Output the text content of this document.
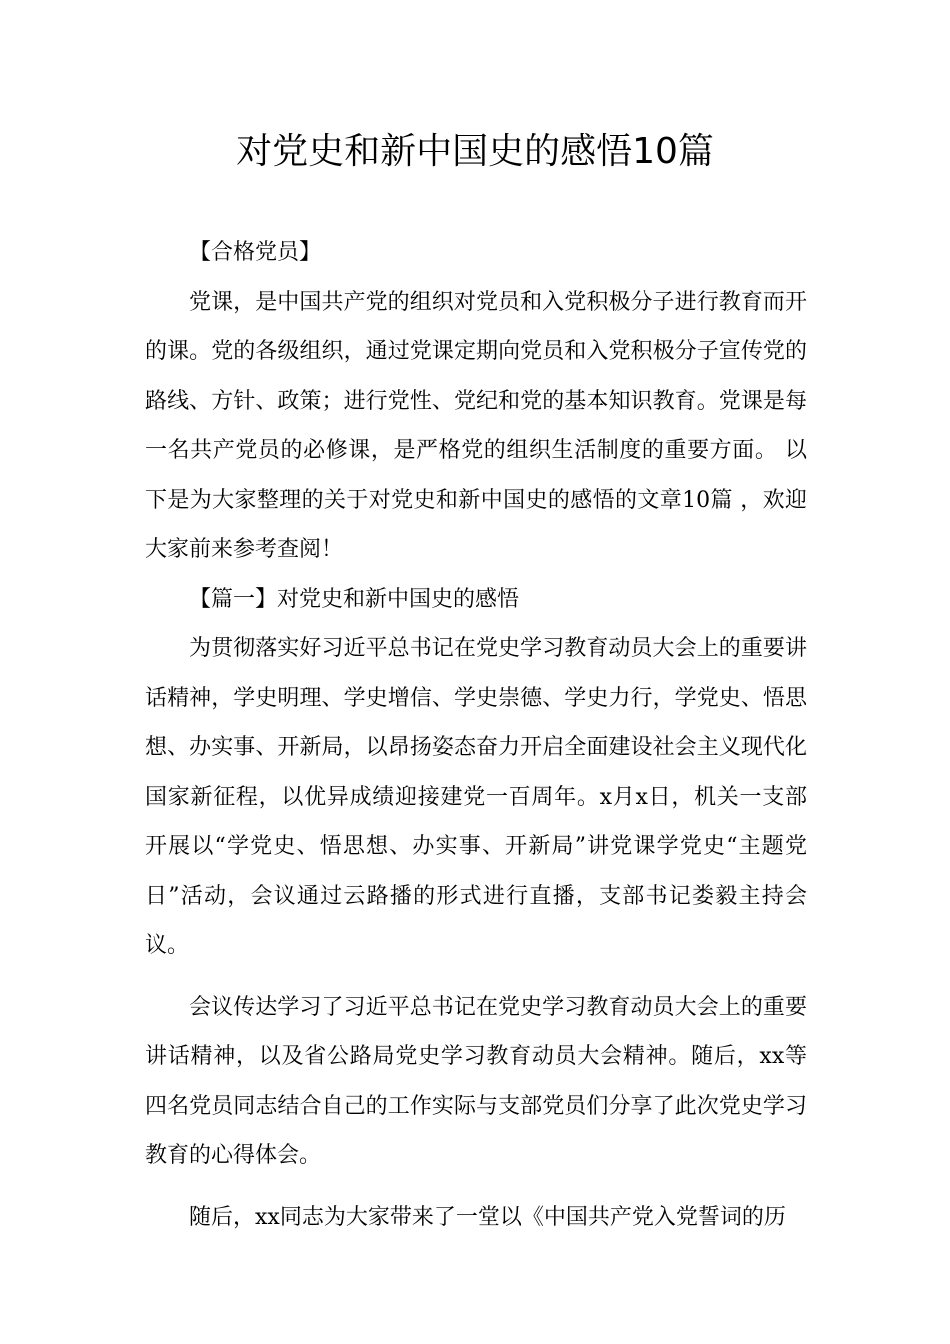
对党史和新中国史的感悟10篇

【合格党员】

党课，是中国共产党的组织对党员和入党积极分子进行教育而开的课。党的各级组织，通过党课定期向党员和入党积极分子宣传党的路线、方针、政策；进行党性、党纪和党的基本知识教育。党课是每一名共产党员的必修课，是严格党的组织生活制度的重要方面。 以下是为大家整理的关于对党史和新中国史的感悟的文章10篇 ，欢迎大家前来参考查阅！

【篇一】对党史和新中国史的感悟

为贯彻落实好习近平总书记在党史学习教育动员大会上的重要讲话精神，学史明理、学史增信、学史崇德、学史力行，学党史、悟思想、办实事、开新局，以昂扬姿态奋力开启全面建设社会主义现代化国家新征程，以优异成绩迎接建党一百周年。x月x日，机关一支部开展以“学党史、悟思想、办实事、开新局”讲党课学党史“主题党日”活动，会议通过云路播的形式进行直播，支部书记娄毅主持会议。

会议传达学习了习近平总书记在党史学习教育动员大会上的重要讲话精神，以及省公路局党史学习教育动员大会精神。随后，xx等四名党员同志结合自己的工作实际与支部党员们分享了此次党史学习教育的心得体会。

随后，xx同志为大家带来了一堂以《中国共产党入党誓词的历
